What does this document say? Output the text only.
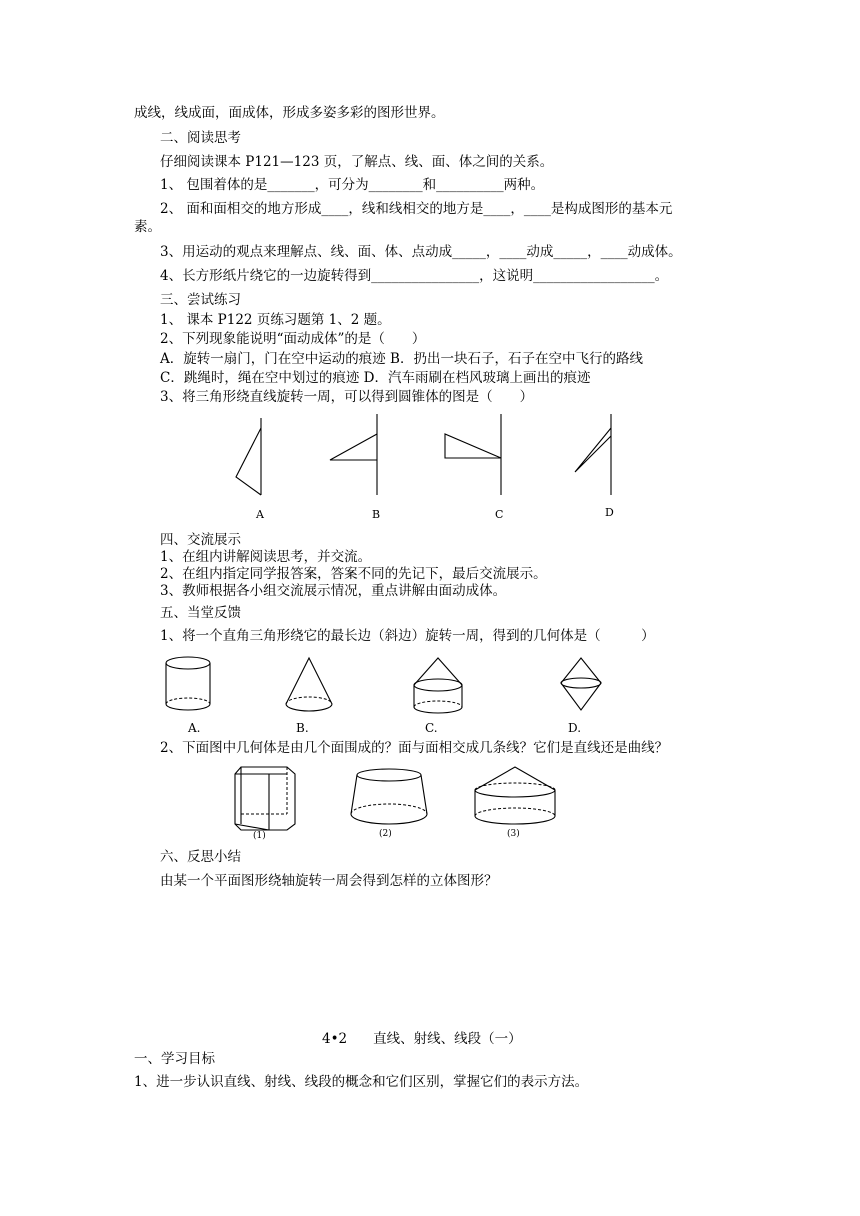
成线，线成面，面成体，形成多姿多彩的图形世界。
二、阅读思考
仔细阅读课本 P121—123 页，了解点、线、面、体之间的关系。
1、 包围着体的是_______，可分为________和__________两种。
2、 面和面相交的地方形成____，线和线相交的地方是____，____是构成图形的基本元
素。
3、用运动的观点来理解点、线、面、体、点动成_____，____动成_____，____动成体。
4、长方形纸片绕它的一边旋转得到________________，这说明__________________。
三、尝试练习
1、 课本 P122 页练习题第 1、2 题。
2、下列现象能说明“面动成体”的是（　　）
A．旋转一扇门，门在空中运动的痕迹 B．扔出一块石子，石子在空中飞行的路线
C．跳绳时，绳在空中划过的痕迹 D．汽车雨刷在档风玻璃上画出的痕迹
3、将三角形绕直线旋转一周，可以得到圆锥体的图是（　　）
A	B	C	D
四、交流展示
1、在组内讲解阅读思考，并交流。
2、在组内指定同学报答案，答案不同的先记下，最后交流展示。
3、教师根据各小组交流展示情况，重点讲解由面动成体。
五、当堂反馈
1、将一个直角三角形绕它的最长边（斜边）旋转一周，得到的几何体是（　　　）
A.	B.	C.	D.
2、下面图中几何体是由几个面围成的？面与面相交成几条线？它们是直线还是曲线？
(1)	(2)	(3)
六、反思小结
由某一个平面图形绕轴旋转一周会得到怎样的立体图形？
4•2 直线、射线、线段（一）
一、学习目标
1、进一步认识直线、射线、线段的概念和它们区别，掌握它们的表示方法。
